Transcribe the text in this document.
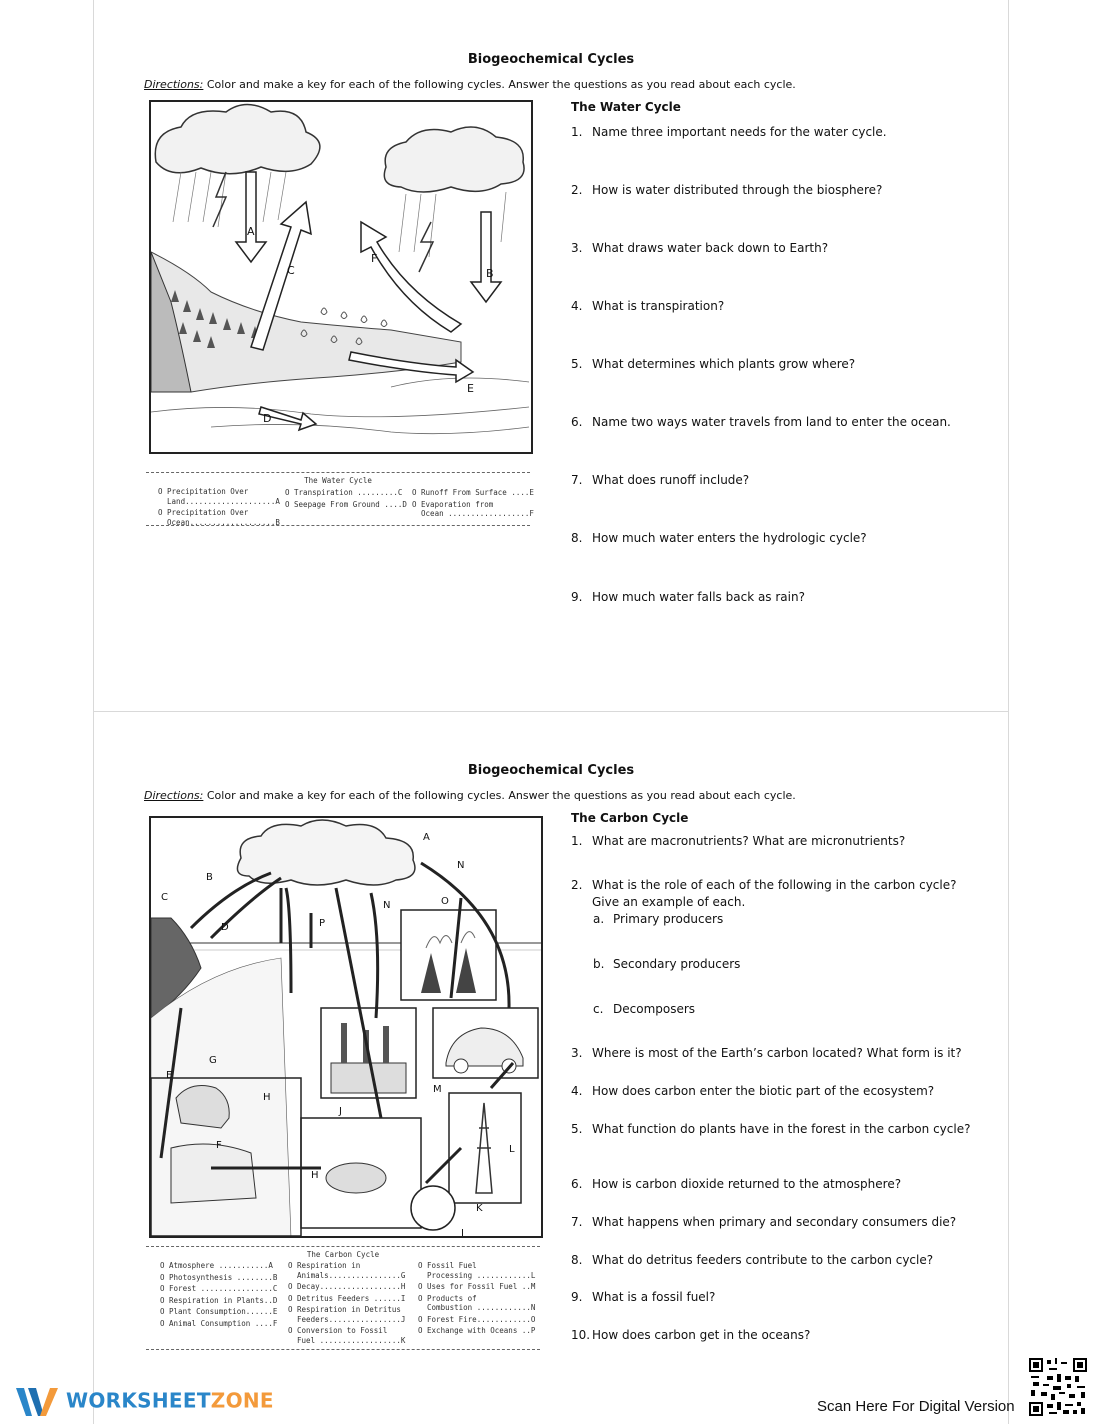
Biogeochemical Cycles
Directions: Color and make a key for each of the following cycles. Answer the questions as you read about each cycle.
A
B
C
D
E
F
The Water Cycle
O Precipitation Over
Land....................A
O Precipitation Over
Ocean...................B
O Transpiration .........C
O Seepage From Ground ....D
O Runoff From Surface ....E
O Evaporation from
Ocean ..................F
The Water Cycle
1. Name three important needs for the water cycle.
2. How is water distributed through the biosphere?
3. What draws water back down to Earth?
4. What is transpiration?
5. What determines which plants grow where?
6. Name two ways water travels from land to enter the ocean.
7. What does runoff include?
8. How much water enters the hydrologic cycle?
9. How much water falls back as rain?
Biogeochemical Cycles
Directions: Color and make a key for each of the following cycles. Answer the questions as you read about each cycle.
A
B
C
D
E
F
G
H
H
I
J
K
L
M
N
N	O
P
The Carbon Cycle
O Atmosphere ...........A
O Photosynthesis ........B
O Forest ................C
O Respiration in Plants..D
O Plant Consumption......E
O Animal Consumption ....F
O Respiration in
Animals................G
O Decay..................H
O Detritus Feeders ......I
O Respiration in Detritus
Feeders................J
O Conversion to Fossil
Fuel ..................K
O Fossil Fuel
Processing ............L
O Uses for Fossil Fuel ..M
O Products of
Combustion ............N
O Forest Fire............O
O Exchange with Oceans ..P
The Carbon Cycle
1. What are macronutrients? What are micronutrients?
2. What is the role of each of the following in the carbon cycle? Give an example of each.
a. Primary producers
b. Secondary producers
c. Decomposers
3. Where is most of the Earth’s carbon located? What form is it?
4. How does carbon enter the biotic part of the ecosystem?
5. What function do plants have in the forest in the carbon cycle?
6. How is carbon dioxide returned to the atmosphere?
7. What happens when primary and secondary consumers die?
8. What do detritus feeders contribute to the carbon cycle?
9. What is a fossil fuel?
10. How does carbon get in the oceans?
WORKSHEETZONE	Scan Here For Digital Version
